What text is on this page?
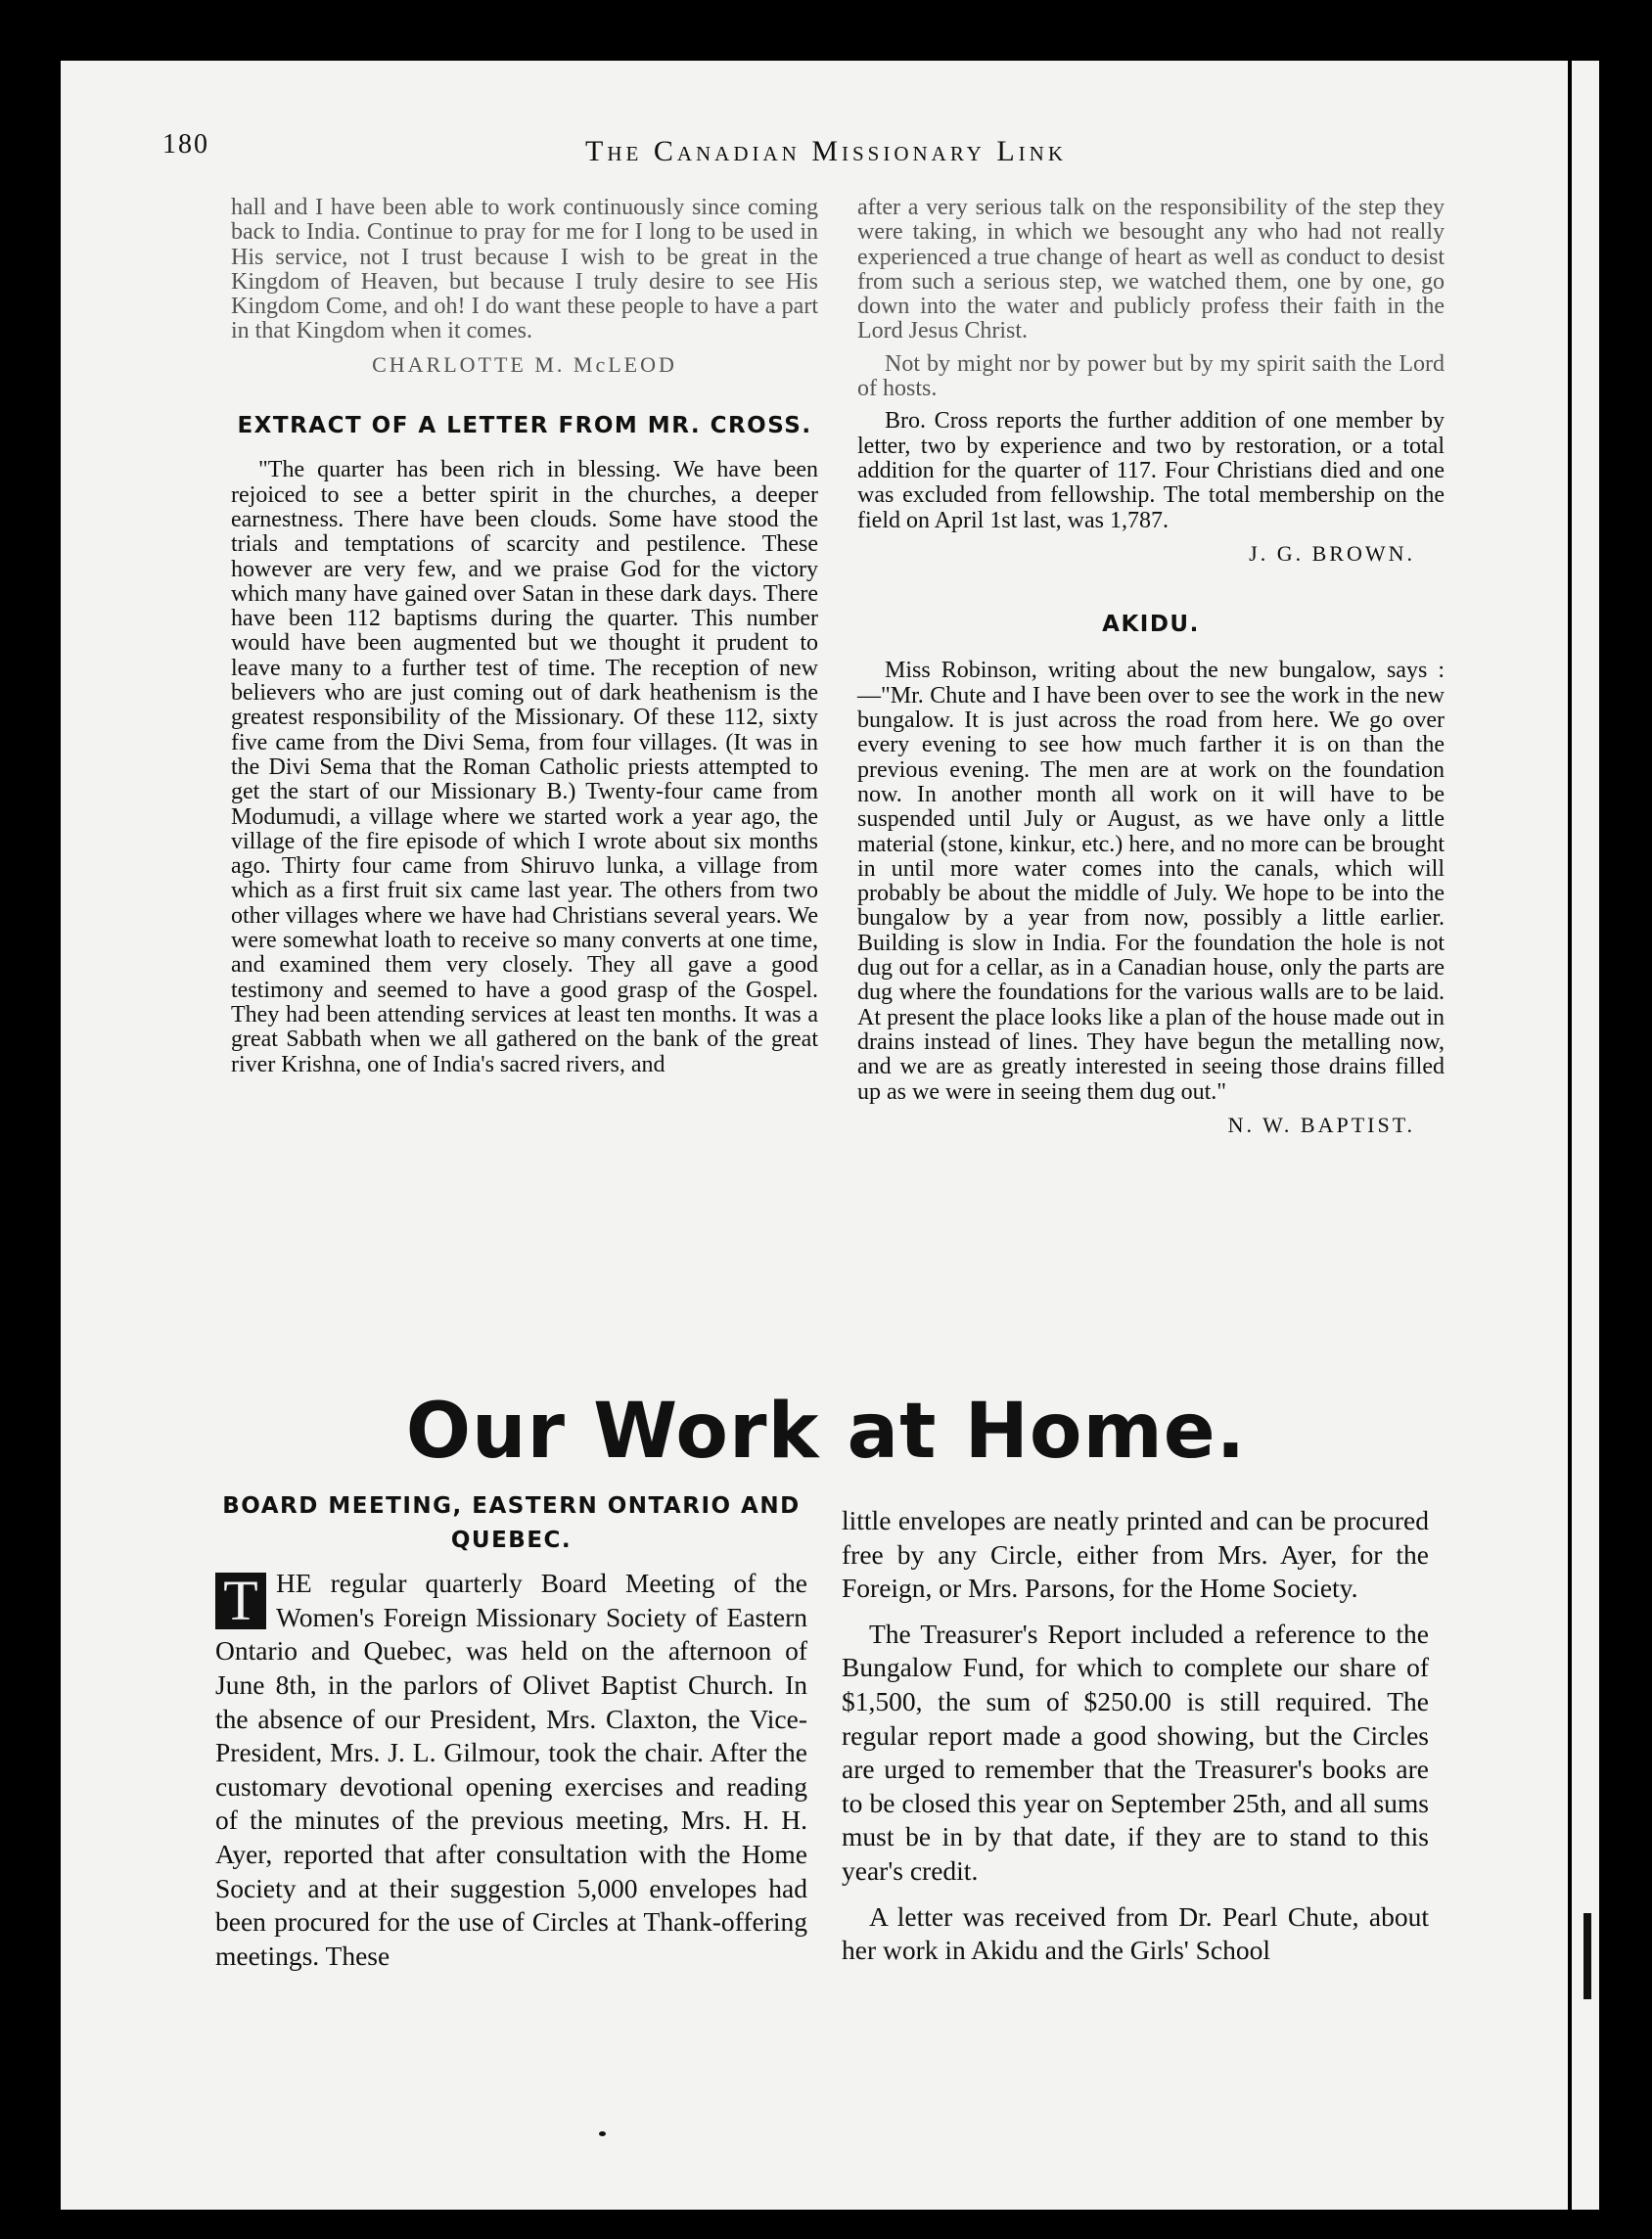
180	The Canadian Missionary Link

hall and I have been able to work continuously since coming back to India. Continue to pray for me for I long to be used in His service, not I trust because I wish to be great in the Kingdom of Heaven, but because I truly desire to see His Kingdom Come, and oh! I do want these people to have a part in that Kingdom when it comes.

CHARLOTTE M. McLEOD
EXTRACT OF A LETTER FROM MR. CROSS.

"The quarter has been rich in blessing. We have been rejoiced to see a better spirit in the churches, a deeper earnestness. There have been clouds. Some have stood the trials and temptations of scarcity and pestilence. These however are very few, and we praise God for the victory which many have gained over Satan in these dark days. There have been 112 baptisms during the quarter. This number would have been augmented but we thought it prudent to leave many to a further test of time. The reception of new believers who are just coming out of dark heathenism is the greatest responsibility of the Missionary. Of these 112, sixty five came from the Divi Sema, from four villages. (It was in the Divi Sema that the Roman Catholic priests attempted to get the start of our Missionary B.) Twenty-four came from Modumudi, a village where we started work a year ago, the village of the fire episode of which I wrote about six months ago. Thirty four came from Shiruvo lunka, a village from which as a first fruit six came last year. The others from two other villages where we have had Christians several years. We were somewhat loath to receive so many converts at one time, and examined them very closely. They all gave a good testimony and seemed to have a good grasp of the Gospel. They had been attending services at least ten months. It was a great Sabbath when we all gathered on the bank of the great river Krishna, one of India's sacred rivers, and

after a very serious talk on the responsibility of the step they were taking, in which we besought any who had not really experienced a true change of heart as well as conduct to desist from such a serious step, we watched them, one by one, go down into the water and publicly profess their faith in the Lord Jesus Christ.

Not by might nor by power but by my spirit saith the Lord of hosts.

Bro. Cross reports the further addition of one member by letter, two by experience and two by restoration, or a total addition for the quarter of 117. Four Christians died and one was excluded from fellowship. The total membership on the field on April 1st last, was 1,787.

J. G. BROWN.
AKIDU.

Miss Robinson, writing about the new bungalow, says :—"Mr. Chute and I have been over to see the work in the new bungalow. It is just across the road from here. We go over every evening to see how much farther it is on than the previous evening. The men are at work on the foundation now. In another month all work on it will have to be suspended until July or August, as we have only a little material (stone, kinkur, etc.) here, and no more can be brought in until more water comes into the canals, which will probably be about the middle of July. We hope to be into the bungalow by a year from now, possibly a little earlier. Building is slow in India. For the foundation the hole is not dug out for a cellar, as in a Canadian house, only the parts are dug where the foundations for the various walls are to be laid. At present the place looks like a plan of the house made out in drains instead of lines. They have begun the metalling now, and we are as greatly interested in seeing those drains filled up as we were in seeing them dug out."

N. W. BAPTIST.
Our Work at Home.
BOARD MEETING, EASTERN ONTARIO AND
QUEBEC.

T HE regular quarterly Board Meeting of the Women's Foreign Missionary Society of Eastern Ontario and Quebec, was held on the afternoon of June 8th, in the parlors of Olivet Baptist Church. In the absence of our President, Mrs. Claxton, the Vice-President, Mrs. J. L. Gilmour, took the chair. After the customary devotional opening exercises and reading of the minutes of the previous meeting, Mrs. H. H. Ayer, reported that after consultation with the Home Society and at their suggestion 5,000 envelopes had been procured for the use of Circles at Thank-offering meetings. These

little envelopes are neatly printed and can be procured free by any Circle, either from Mrs. Ayer, for the Foreign, or Mrs. Parsons, for the Home Society.

The Treasurer's Report included a reference to the Bungalow Fund, for which to complete our share of $1,500, the sum of $250.00 is still required. The regular report made a good showing, but the Circles are urged to remember that the Treasurer's books are to be closed this year on September 25th, and all sums must be in by that date, if they are to stand to this year's credit.

A letter was received from Dr. Pearl Chute, about her work in Akidu and the Girls' School
